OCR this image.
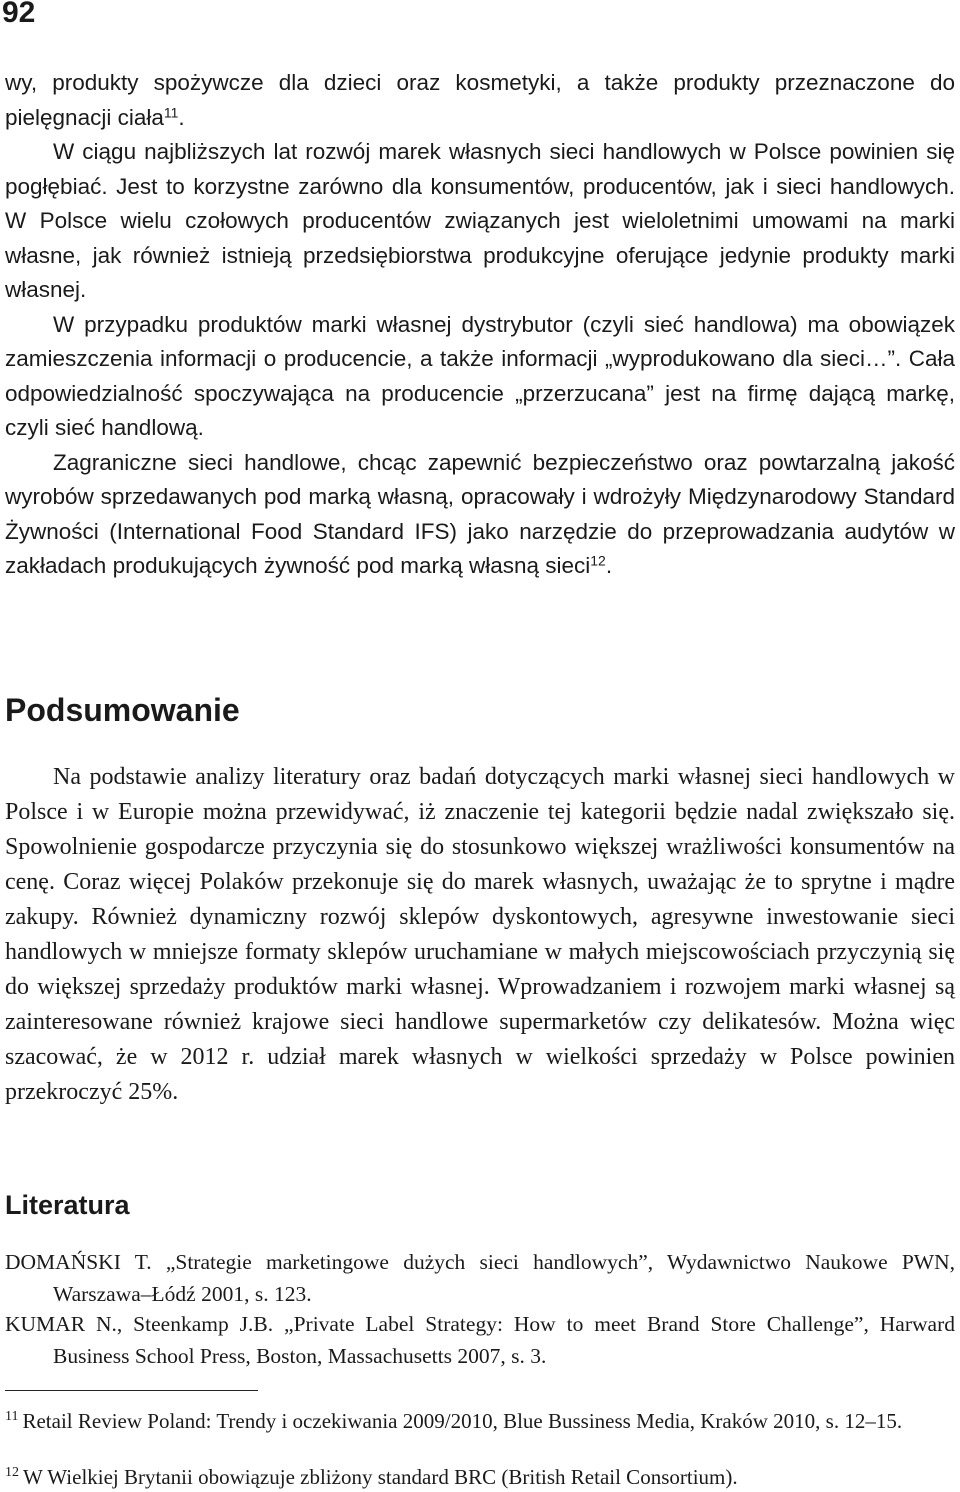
92

wy, produkty spożywcze dla dzieci oraz kosmetyki, a także produkty przeznaczone do pielęgnacji ciała$^{11}$.

W ciągu najbliższych lat rozwój marek własnych sieci handlowych w Polsce powinien się pogłębiać. Jest to korzystne zarówno dla konsumentów, producentów, jak i sieci handlowych. W Polsce wielu czołowych producentów związanych jest wieloletnimi umowami na marki własne, jak również istnieją przedsiębiorstwa produkcyjne oferujące jedynie produkty marki własnej.

W przypadku produktów marki własnej dystrybutor (czyli sieć handlowa) ma obowiązek zamieszczenia informacji o producencie, a także informacji „wyprodukowano dla sieci…”. Cała odpowiedzialność spoczywająca na producencie „przerzucana” jest na firmę dającą markę, czyli sieć handlową.

Zagraniczne sieci handlowe, chcąc zapewnić bezpieczeństwo oraz powtarzalną jakość wyrobów sprzedawanych pod marką własną, opracowały i wdrożyły Międzynarodowy Standard Żywności (International Food Standard IFS) jako narzędzie do przeprowadzania audytów w zakładach produkujących żywność pod marką własną sieci$^{12}$.

Podsumowanie

Na podstawie analizy literatury oraz badań dotyczących marki własnej sieci handlowych w Polsce i w Europie można przewidywać, iż znaczenie tej kategorii będzie nadal zwiększało się. Spowolnienie gospodarcze przyczynia się do stosunkowo większej wrażliwości konsumentów na cenę. Coraz więcej Polaków przekonuje się do marek własnych, uważając że to sprytne i mądre zakupy. Również dynamiczny rozwój sklepów dyskontowych, agresywne inwestowanie sieci handlowych w mniejsze formaty sklepów uruchamiane w małych miejscowościach przyczynią się do większej sprzedaży produktów marki własnej. Wprowadzaniem i rozwojem marki własnej są zainteresowane również krajowe sieci handlowe supermarketów czy delikatesów. Można więc szacować, że w 2012 r. udział marek własnych w wielkości sprzedaży w Polsce powinien przekroczyć 25%.

Literatura

DOMAŃSKI T. „Strategie marketingowe dużych sieci handlowych”, Wydawnictwo Naukowe PWN, Warszawa–Łódź 2001, s. 123.

KUMAR N., Steenkamp J.B. „Private Label Strategy: How to meet Brand Store Challenge”, Harward Business School Press, Boston, Massachusetts 2007, s. 3.

$^{11}$ Retail Review Poland: Trendy i oczekiwania 2009/2010, Blue Bussiness Media, Kraków 2010, s. 12–15.

$^{12}$ W Wielkiej Brytanii obowiązuje zbliżony standard BRC (British Retail Consortium).
